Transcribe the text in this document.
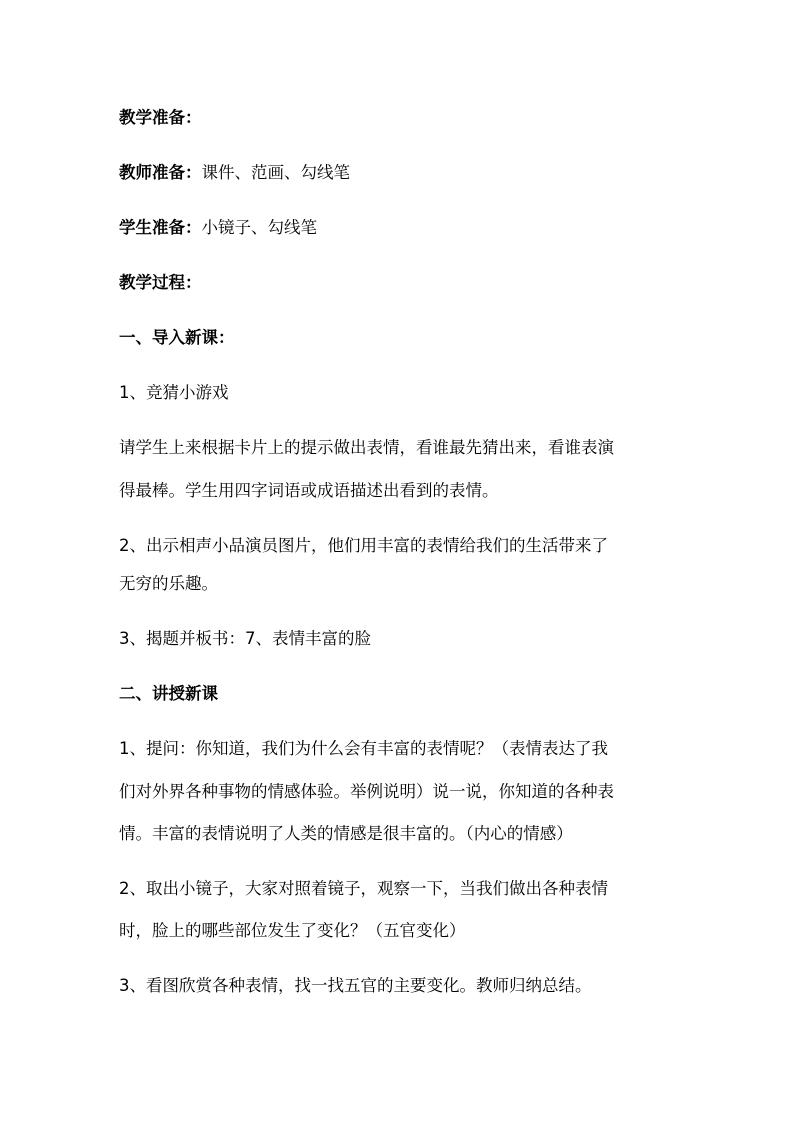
教学准备：
教师准备：课件、范画、勾线笔
学生准备：小镜子、勾线笔
教学过程：
一、导入新课：
1、竞猜小游戏
请学生上来根据卡片上的提示做出表情，看谁最先猜出来，看谁表演
得最棒。学生用四字词语或成语描述出看到的表情。
2、出示相声小品演员图片，他们用丰富的表情给我们的生活带来了
无穷的乐趣。
3、揭题并板书：7、表情丰富的脸
二、讲授新课
1、提问：你知道，我们为什么会有丰富的表情呢？（表情表达了我
们对外界各种事物的情感体验。举例说明）说一说，你知道的各种表
情。丰富的表情说明了人类的情感是很丰富的。（内心的情感）
2、取出小镜子，大家对照着镜子，观察一下，当我们做出各种表情
时，脸上的哪些部位发生了变化？（五官变化）
3、看图欣赏各种表情，找一找五官的主要变化。教师归纳总结。
